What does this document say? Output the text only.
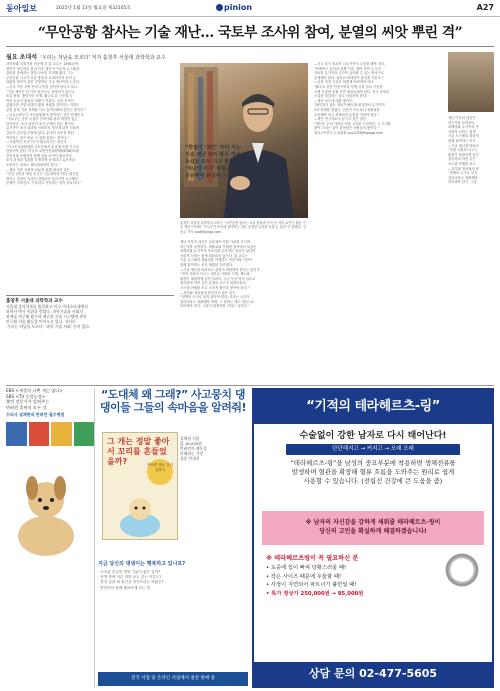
동아일보	2025년 1월 13일 월요일 제32165호	pinion	A27
“무안공항 참사는 기술 재난… 국토부 조사위 참여, 분열의 씨앗 뿌린 격”
월요 초대석 ‘우리는 처남을 모르다’ 저자 홀창후 서울대 과학학과 교수
과학사와 기술사를 전공해 온 홍 교수는 1994년에
벌어진 성수대교 붕괴 이후 재난이 기술적 시스템과
관련된 문제라는 점을 꾸준히 지적해 왔다. 그는
무안공항 사고가 조류 충돌과 로컬라이저 둔덕 등
복합적 원인이 얽힌 전형적인 기술 재난이라고 본다.
—사고 이후 가장 먼저 무엇을 짚어야 한다고 보나.
“기술 재난은 한 가지 원인으로 설명되지 않는다.
조류 충돌, 랜딩기어 문제, 활주로 끝 구조물 등
여러 요소가 겹쳐서 피해가 커졌다. 특히 둔덕이
없었다면 인명 피해가 훨씬 적었을 것이라는 지적은
공항 설계 기준 자체를 다시 들여다봐야 한다는 뜻이다.”
—국토교통부가 조사위원회에 참여하는 것은 문제인가.
“국토부는 공항 시설의 인허가와 관리 책임이 있는
당사자다. 조사 대상이 조사 주체가 되는 셈이다.
유가족이 조사 결과를 신뢰하지 못하게 되면 사회적
갈등이 길어질 수밖에 없다. 분열의 씨앗을 뿌린
격이라는 것은 바로 그 점을 말하는 것이다.”
—독립적인 조사기구가 필요하다는 말인가.
“사고조사위원회를 국토부에서 분리해 독립 기구로
만들어야 한다. 미국의 교통안전위원회(NTSB)처럼
전문성과 독립성을 함께 갖춘 조직이 필요하다.
조사 과정과 결과를 투명하게 공개하고 유가족과
소통하는 절차도 제도화되어야 한다.”
—재난 이후 사회적 치유를 위해 필요한 것은.
“진상 규명과 책임 추궁은 구분되어야 한다. 원인을
밝히는 과정이 특정인 처벌로만 흘러가면 시스템의
문제가 가려진다. 기록하고 기억하는 일이 중요하다.”
“한없이 ‘죄인’ 부터 치는
기술 재난 처리 방식 개선,
독립된 조사 기구 필요
‘재난의 서사’ 원형을
공유해야 진상에 다가가”

홍창후 서울대 과학학과 교수는 “무안공항 참사는 조류 충돌과 둔덕 등 여러 요인이 겹친 기술 재난”이라며 “국토부가 조사에 참여하는 것은 공정성 논란을 낳을 수 있다”고 말했다. 김동주 기자 zoo@donga.com
재난 이후의 대응은 공동체가 어떤 가치를 지키려
하는지를 보여준다. 세월호와 이태원 참사에서 보았듯
피해자와 유가족의 목소리를 존중하는 절차가 없다면
사회적 신뢰는 쉽게 회복되지 않는다. 홍 교수는
기술 시스템의 복잡성을 이해하는 전문가와 시민이
함께 참여하는 조사 체계를 강조했다.
—기술 재난을 바라보는 관점이 바뀌어야 한다는 뜻인가.
“현대 사회의 사고는 대부분 사람과 기계, 제도와
환경이 복잡하게 얽힌 결과다. 누군가 한 명의 실수로
정리하려 하면 같은 유형의 사고가 되풀이된다.
시스템 전체를 보고 구조적 원인을 찾아야 한다.”
—정부와 정치권에 당부하고 싶은 것은.
“정쟁의 도구로 삼지 말아야 한다. 조사는 시간이
걸리더라도 정확해야 하며, 그 결과는 제도 개선으로
이어져야 한다. 그것이 희생자를 기리는 길이다.”
—사고 조사 결과가 나오기까지 무엇을 해야 하나.
“블랙박스 분석과 관제 기록, 정비 이력 등 모든
자료를 유가족과 국민이 납득할 수 있는 방식으로
공개해야 한다. 정보의 비대칭이 불신을 키운다.”
—공항 안전 기준은 어떻게 바뀌어야 하나.
“활주로 종단 안전구역과 항행 시설 설치 기준을
국제 기준에 맞춰 전면 재검토해야 한다. 전국 공항의
시설을 점검하는 일도 서둘러야 한다.”
—재난 보도에 대한 생각은.
“확인되지 않은 정보가 빠르게 퍼지면서 유가족이
2차 피해를 겪었다. 언론은 속도보다 정확성을
우선해야 하고 피해자의 존엄을 지켜야 한다.”
—재난 연구자로서 남기고 싶은 말은.
“재난은 우리 사회의 약한 고리를 드러낸다. 그 고리를
찾아 고치는 것이 살아남은 사람들의 몫이다.”
정리=이진구 논설위원 sys1234@donga.com
재난 이후의 대응은
하는지를 보여준다.
피해자와 유가족의 목
사회적 신뢰는 쉽게
기술 시스템의 복잡성
함께 참여하는 조사
—기술 재난을 바라보
“현대 사회의 사고는
환경이 복잡하게 얽힌
정리하려 하면 같은
시스템 전체를 보고
—정부와 정치권에 당
“정쟁의 도구로 삼지
걸리더라도 정확해야
이어져야 한다. 그것
홀창후 서울대 과학학과 교수
서울대 물리학과를 졸업하고 미국 미네소타대에서
과학사 박사 학위를 받았다. 과학기술과 사회의
관계를 연구해 왔으며 재난과 기술 시스템에 관한
연구와 저술 활동을 이어오고 있다. 저서로
‘우리는 처남을 모르다’ ‘과학 기술 사회’ 등이 있다.

EBS <세상의 나쁜 개는 없다>
SBS <TV 동물농장>
출연 전문가가 알려주는
반려견 훈련의 모든 것

수의사 설채현의 반려견 필수병법
“도대체 왜 그래?” 사고뭉치 댕댕이들 그들의 속마음을 알려줘!
그 개는 정말 좋아서 꼬리를 흔들었을까?	반려견 행동 심리 설명서
설채현 지음
값 18,000원
반려견의 행동을
이해하는 가장
쉬운 안내서

지금 당신의 댕댕이는 행복하고 있나요?
· 꼬리를 흔들면 정말 기분이 좋은 걸까?
· 산책 중에 다른 개를 보고 짖는 이유는?
· 혼자 있을 때 물건을 망가뜨리는 까닭은?
· 반려견과 함께 행복하게 사는 법

전국 서점 및 온라인 서점에서 절찬 판매 중
“기적의 테라헤르츠-링”
수술없이 강한 남자로 다시 태어난다!
단단해지고 → 커지고 → 오래 오래
“테라헤르츠-링”을 남성의 중요부분에 착용하면 생체전류를
발생하며 혈관을 확장해 혈류 흐름을 도와주는 원리로 쉽게
사용할 수 있습니다. (전립선 건강에 큰 도움을 줌)

※ 남자의 자신감을 강하게 세워줄 테라헤르츠-링이
당신의 고민을 확실하게 해결하겠습니다!

※ 테라헤르츠링이 꼭 필요하신 분
• 도중에 힘이 빠져 당황스러울 때!
• 작은 사이즈 때문에 우울할 때!
• 사정이 지연되어 파트너가 불만일 때!
• 특가 정상가 250,000원 → 85,000원
상담 문의 02-477-5605
